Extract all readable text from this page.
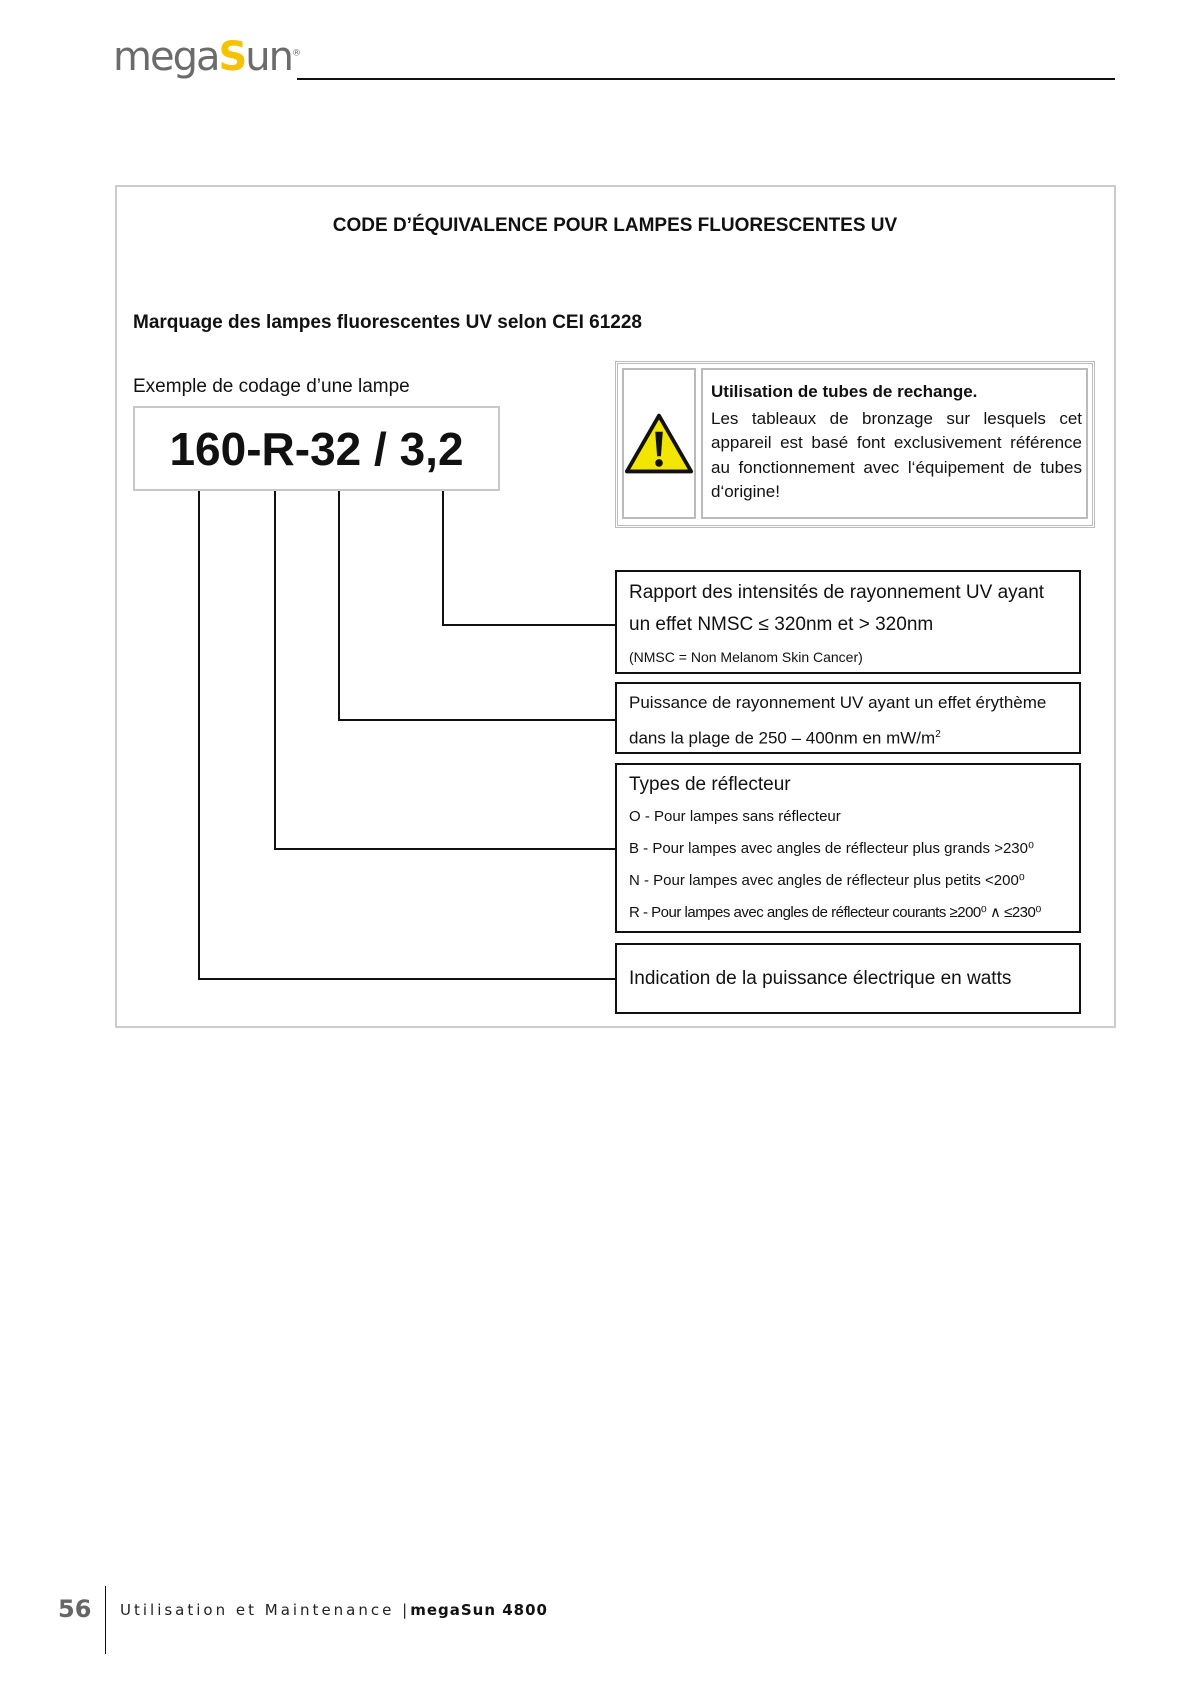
megaSun®
CODE D’ÉQUIVALENCE POUR LAMPES FLUORESCENTES UV
Marquage des lampes fluorescentes UV selon CEI 61228
Exemple de codage d’une lampe
160-R-32 / 3,2
Utilisation de tubes de rechange.
Les tableaux de bronzage sur lesquels cet appareil est basé font exclusivement référence au fonctionnement avec l‘équipement de tubes d‘origine!
Rapport des intensités de rayonnement UV ayant
un effet NMSC ≤ 320nm et > 320nm
(NMSC = Non Melanom Skin Cancer)
Puissance de rayonnement UV ayant un effet érythème
dans la plage de 250 – 400nm en $mW/m^2$
Types de réflecteur
O - Pour lampes sans réflecteur
B - Pour lampes avec angles de réflecteur plus grands >230⁰
N - Pour lampes avec angles de réflecteur plus petits <200⁰
R - Pour lampes avec angles de réflecteur courants ≥200⁰ ∧ ≤230⁰
Indication de la puissance électrique en watts
56 Utilisation et Maintenance |megaSun 4800
